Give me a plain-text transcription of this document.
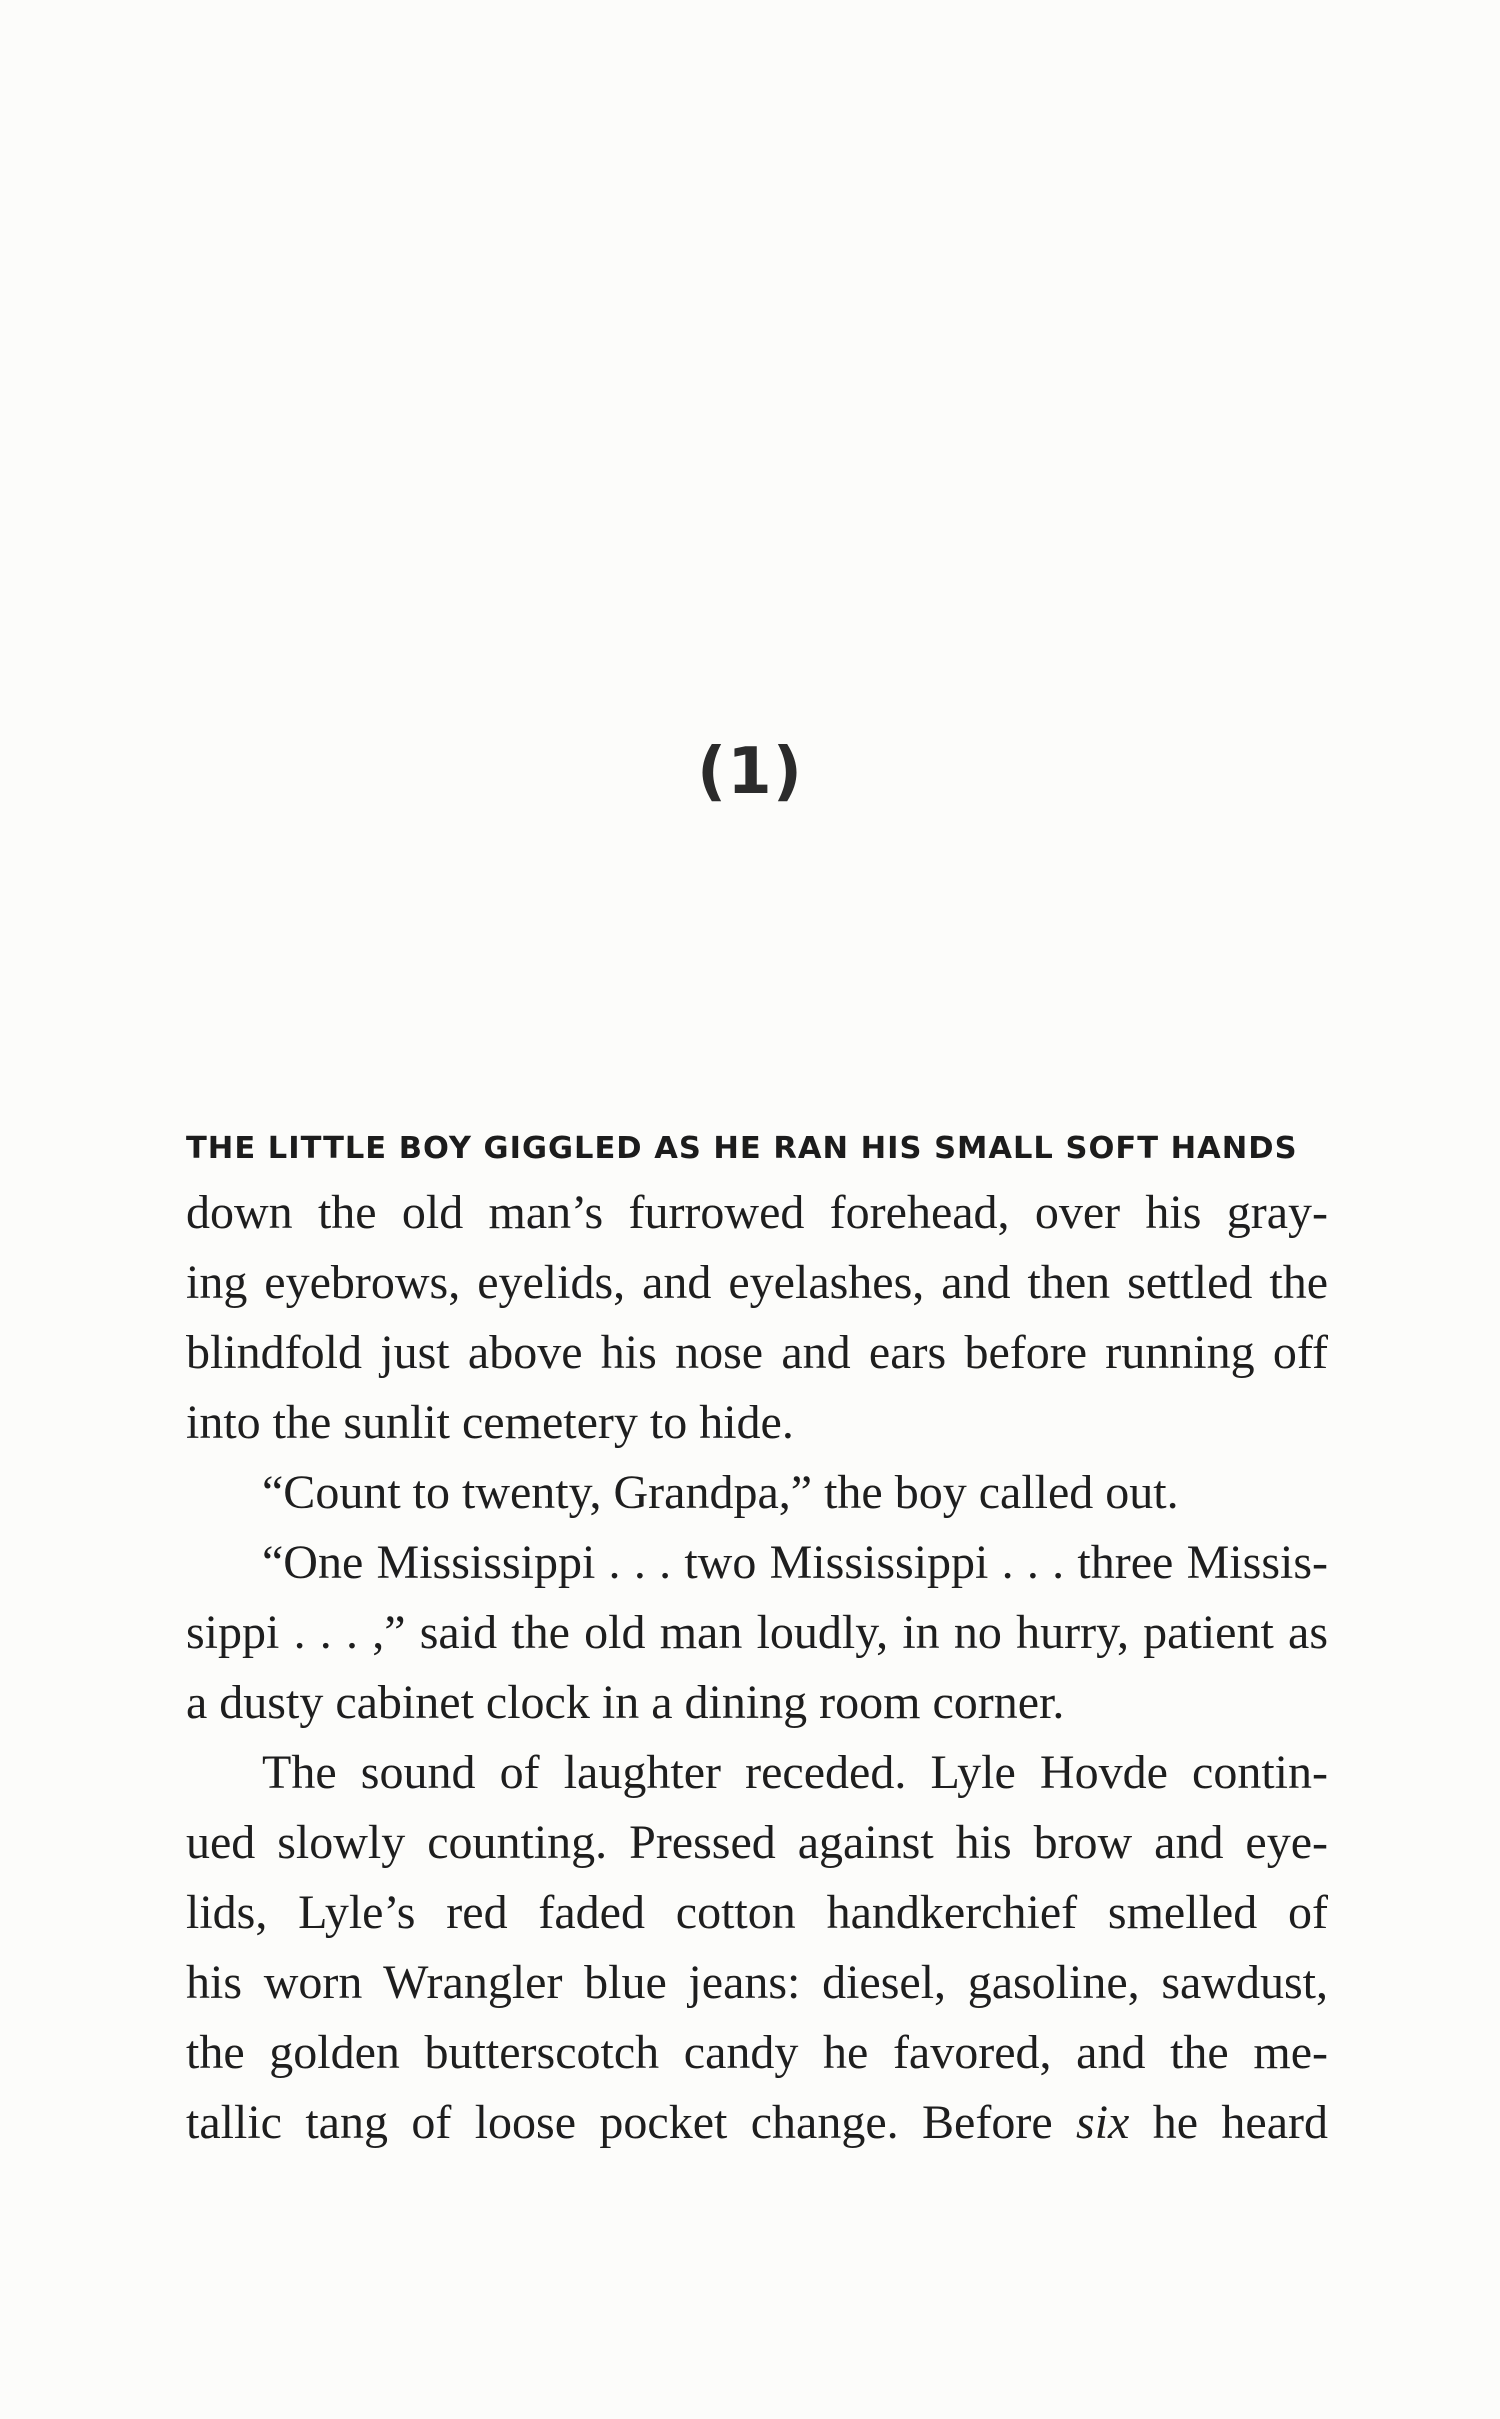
(1)
THE LITTLE BOY GIGGLED AS HE RAN HIS SMALL SOFT HANDS
down the old man’s furrowed forehead, over his gray-
ing eyebrows, eyelids, and eyelashes, and then settled the
blindfold just above his nose and ears before running off
into the sunlit cemetery to hide.
“Count to twenty, Grandpa,” the boy called out.
“One Mississippi . . . two Mississippi . . . three Missis-
sippi . . . ,” said the old man loudly, in no hurry, patient as
a dusty cabinet clock in a dining room corner.
The sound of laughter receded. Lyle Hovde contin-
ued slowly counting. Pressed against his brow and eye-
lids, Lyle’s red faded cotton handkerchief smelled of
his worn Wrangler blue jeans: diesel, gasoline, sawdust,
the golden butterscotch candy he favored, and the me-
tallic tang of loose pocket change. Before six he heard
